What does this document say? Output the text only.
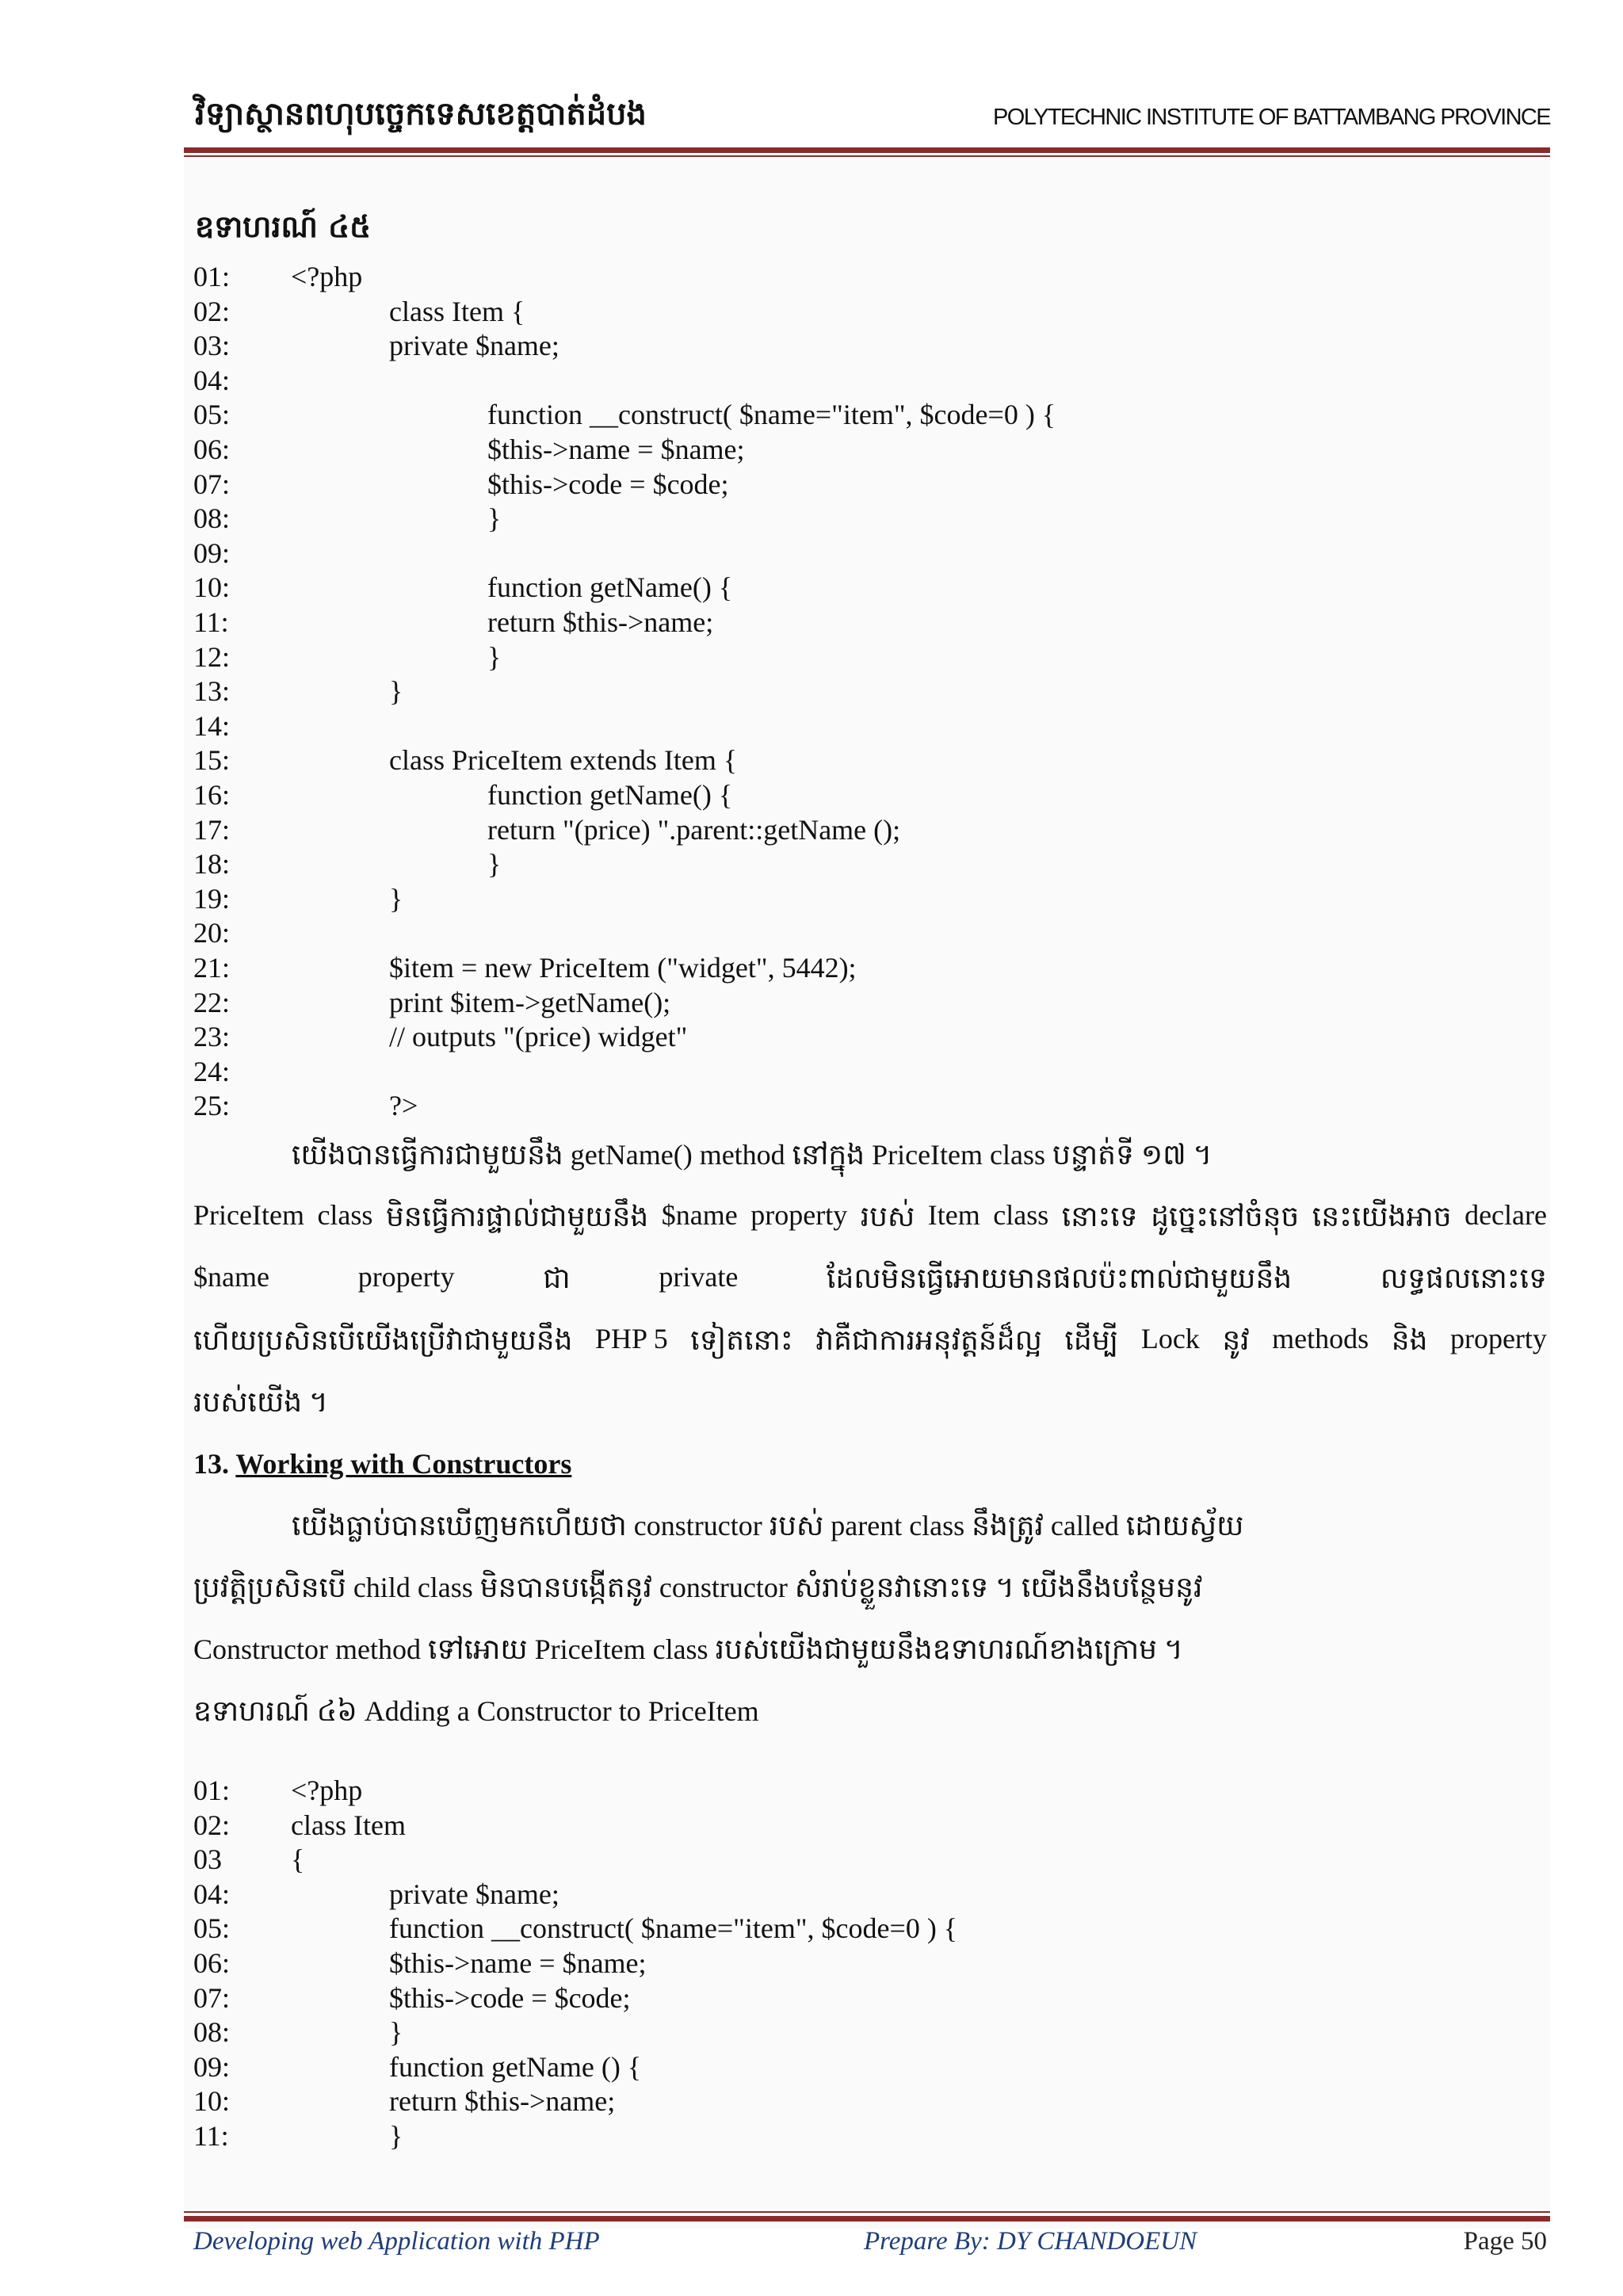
វិទ្យាស្ថានពហុបច្ចេកទេសខេត្តបាត់ដំបង	POLYTECHNIC INSTITUTE OF BATTAMBANG PROVINCE
ឧទាហរណ៍ ៤៥
01: <?php
02:	class Item {
03:	private $name;
04:
05:	function __construct( $name="item", $code=0 ) {
06:	$this->name = $name;
07:	$this->code = $code;
08:	}
09:
10:	function getName() {
11:	return $this->name;
12:	}
13:	}
14:
15:	class PriceItem extends Item {
16:	function getName() {
17:	return "(price) ".parent::getName ();
18:	}
19:	}
20:
21:	$item = new PriceItem ("widget", 5442);
22:	print $item->getName();
23:	// outputs "(price) widget"
24:
25:	?>
យើងបានធ្វើការជាមួយនឹង getName() method នៅក្នុង PriceItem class បន្ទាត់ទី ១៧ ។
PriceItem class មិនធ្វើការផ្ទាល់ជាមួយនឹង $name property របស់ Item class នោះទេ ដូច្នេះនៅចំនុច នេះយើងអាច declare
$name	property	ជា	private	ដែលមិនធ្វើអោយមានផលប៉ះពាល់ជាមួយនឹង	លទ្ធផលនោះទេ
ហើយប្រសិនបើយើងប្រើវាជាមួយនឹង PHP 5 ទៀតនោះ វាគឺជាការអនុវត្តន៍ដ៏ល្អ ដើម្បី Lock នូវ methods និង property
របស់យើង ។
13. Working with Constructors
យើងធ្លាប់បានឃើញមកហើយថា constructor របស់ parent class នឹងត្រូវ called ដោយស្វ័យ
ប្រវត្តិប្រសិនបើ child class មិនបានបង្កើតនូវ constructor សំរាប់ខ្លួនវានោះទេ ។ យើងនឹងបន្ថែមនូវ
Constructor method ទៅអោយ PriceItem class របស់យើងជាមួយនឹងឧទាហរណ៍ខាងក្រោម ។
ឧទាហរណ៍ ៤៦ Adding a Constructor to PriceItem
01: <?php
02: class Item
03 {
04:	private $name;
05:	function __construct( $name="item", $code=0 ) {
06:	$this->name = $name;
07:	$this->code = $code;
08:	}
09:	function getName () {
10:	return $this->name;
11:	}
Developing web Application with PHP	Prepare By: DY CHANDOEUN	Page 50
